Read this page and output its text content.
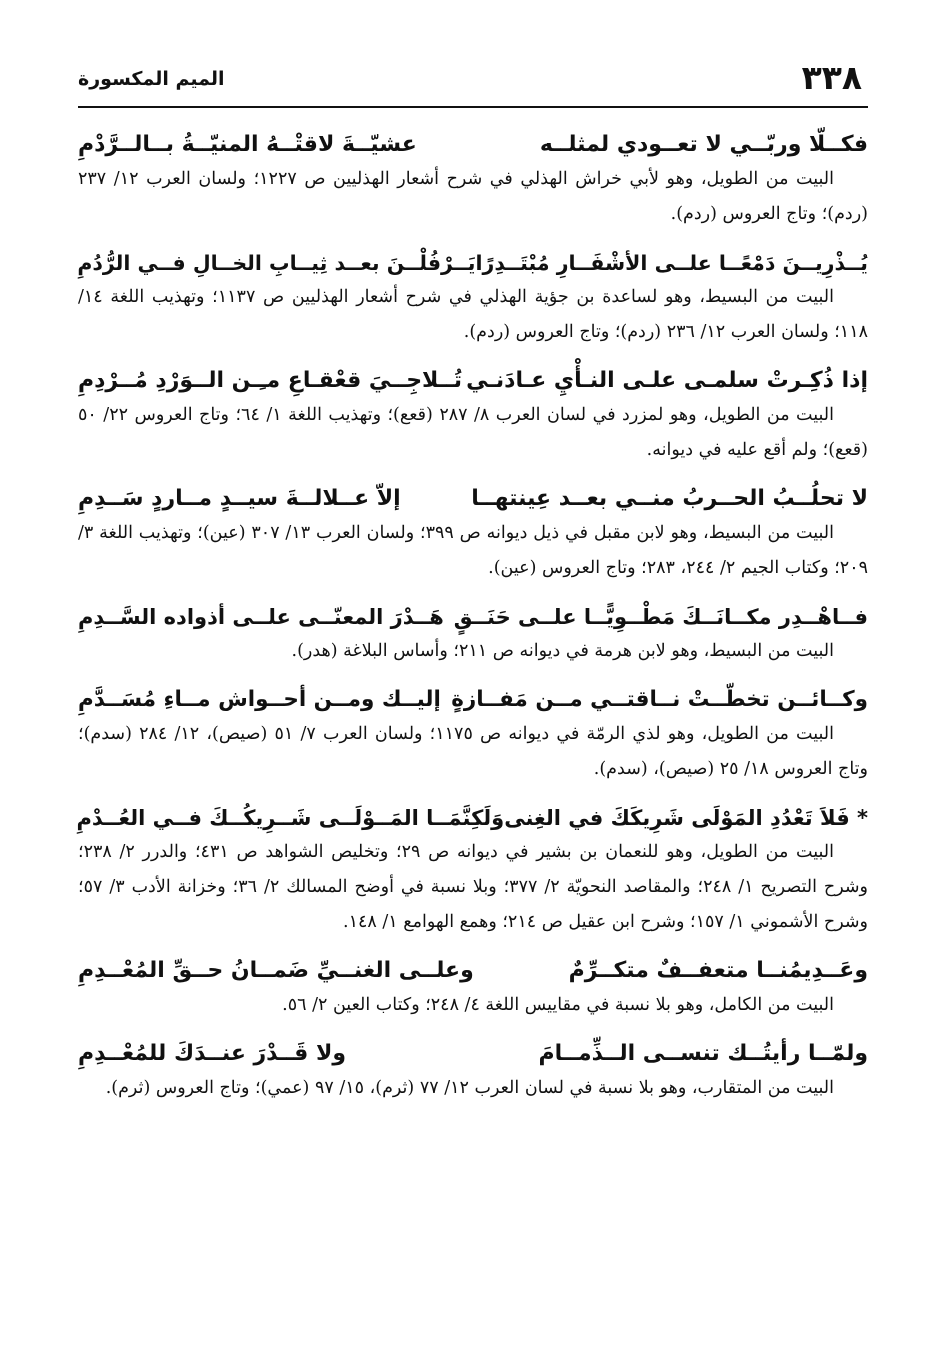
٣٣٨
الميم المكسورة
فكــلّا وربّــي لا تعــودي لمثلــه
عشيّــةَ لاقتْــهُ المنيّــةُ بــالــرَّدْمِ

البيت من الطويل، وهو لأبي خراش الهذلي في شرح أشعار الهذليين ص ١٢٢٧؛ ولسان العرب ١٢/ ٢٣٧ (ردم)؛ وتاج العروس (ردم).

يُــذْرِيــنَ دَمْعًــا علــى الأشْفَــارِ مُبْتَــدِرًا
يَــرْفُلْــنَ بعــد ثِيــابِ الخــالِ فــي الرُّدُمِ

البيت من البسيط، وهو لساعدة بن جؤية الهذلي في شرح أشعار الهذليين ص ١١٣٧؛ وتهذيب اللغة ١٤/ ١١٨؛ ولسان العرب ١٢/ ٢٣٦ (ردم)؛ وتاج العروس (ردم).

إذا ذُكِـرتْ سلمـى علـى النـأْيِ عـادَنـي
تُــلاجِــيَ قعْقـاعِ مـِـن الــوَرْدِ مُــرْدِمِ

البيت من الطويل، وهو لمزرد في لسان العرب ٨/ ٢٨٧ (قعع)؛ وتهذيب اللغة ١/ ٦٤؛ وتاج العروس ٢٢/ ٥٠ (قعع)؛ ولم أقع عليه في ديوانه.

لا تحلُــبُ الحــربُ منــي بعــد عِينتهــا
إلاّ عــلالــةَ سيــدٍ مــاردٍ سَــدِمِ

البيت من البسيط، وهو لابن مقبل في ذيل ديوانه ص ٣٩٩؛ ولسان العرب ١٣/ ٣٠٧ (عين)؛ وتهذيب اللغة ٣/ ٢٠٩؛ وكتاب الجيم ٢/ ٢٤٤، ٢٨٣؛ وتاج العروس (عين).

فــاهْــدِر مكــانَــكَ مَطْــوِيًّــا علــى حَنَــقٍ
هَــدْرَ المعنّــى علــى أذواده السَّــدِمِ

البيت من البسيط، وهو لابن هرمة في ديوانه ص ٢١١؛ وأساس البلاغة (هدر).

وكــائــن تخطّــتْ نــاقتــي مــن مَفــازةٍ
إليــك ومــن أحــواش مــاءِ مُسَــدَّمِ

البيت من الطويل، وهو لذي الرمّة في ديوانه ص ١١٧٥؛ ولسان العرب ٧/ ٥١ (صيص)، ١٢/ ٢٨٤ (سدم)؛ وتاج العروس ١٨/ ٢٥ (صيص)، (سدم).

* فَلاَ تَعْدُدِ المَوْلَى شَرِيكَكَ في الغِنى
وَلَكِنَّمَــا المَــوْلَــى شَــرِيكُــكَ فــي العُــدْمِ

البيت من الطويل، وهو للنعمان بن بشير في ديوانه ص ٢٩؛ وتخليص الشواهد ص ٤٣١؛ والدرر ٢/ ٢٣٨؛ وشرح التصريح ١/ ٢٤٨؛ والمقاصد النحويّة ٢/ ٣٧٧؛ وبلا نسبة في أوضح المسالك ٢/ ٣٦؛ وخزانة الأدب ٣/ ٥٧؛ وشرح الأشموني ١/ ١٥٧؛ وشرح ابن عقيل ص ٢١٤؛ وهمع الهوامع ١/ ١٤٨.

وعَــدِيمُنــا متعفــفٌ متكــرِّمٌ
وعلــى الغنــيِّ ضَمــانُ حــقِّ المُعْــدِمِ

البيت من الكامل، وهو بلا نسبة في مقاييس اللغة ٤/ ٢٤٨؛ وكتاب العين ٢/ ٥٦.

ولمّــا رأيتُــك تنســى الــذِّمــامَ
ولا قَــدْرَ عنــدَكَ للمُعْــدِمِ

البيت من المتقارب، وهو بلا نسبة في لسان العرب ١٢/ ٧٧ (ثرم)، ١٥/ ٩٧ (عمي)؛ وتاج العروس (ثرم).
